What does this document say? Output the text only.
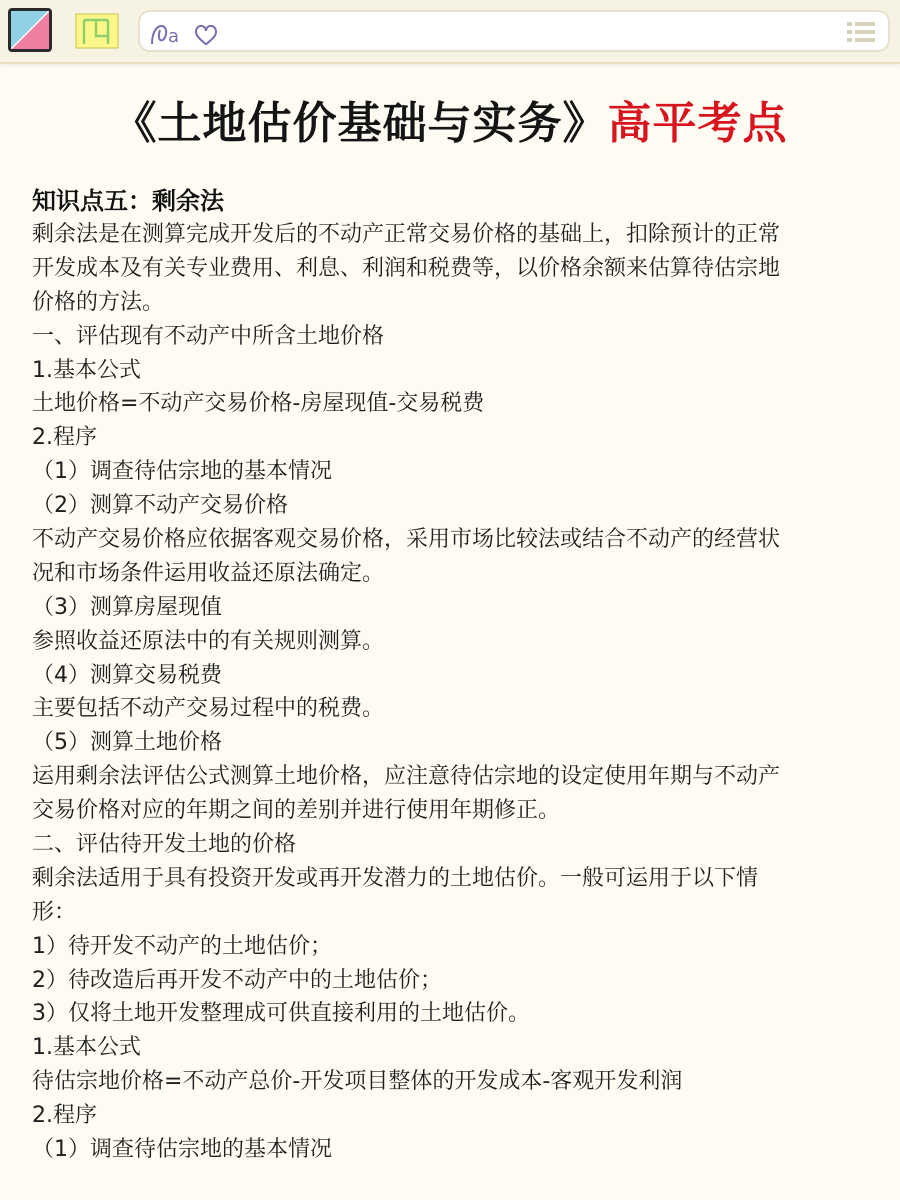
a
《土地估价基础与实务》高平考点
知识点五：剩余法
剩余法是在测算完成开发后的不动产正常交易价格的基础上，扣除预计的正常
开发成本及有关专业费用、利息、利润和税费等，以价格余额来估算待估宗地
价格的方法。
一、评估现有不动产中所含土地价格
1.基本公式
土地价格=不动产交易价格-房屋现值-交易税费
2.程序
（1）调查待估宗地的基本情况
（2）测算不动产交易价格
不动产交易价格应依据客观交易价格，采用市场比较法或结合不动产的经营状
况和市场条件运用收益还原法确定。
（3）测算房屋现值
参照收益还原法中的有关规则测算。
（4）测算交易税费
主要包括不动产交易过程中的税费。
（5）测算土地价格
运用剩余法评估公式测算土地价格，应注意待估宗地的设定使用年期与不动产
交易价格对应的年期之间的差别并进行使用年期修正。
二、评估待开发土地的价格
剩余法适用于具有投资开发或再开发潜力的土地估价。一般可运用于以下情
形：
1）待开发不动产的土地估价；
2）待改造后再开发不动产中的土地估价；
3）仅将土地开发整理成可供直接利用的土地估价。
1.基本公式
待估宗地价格=不动产总价-开发项目整体的开发成本-客观开发利润
2.程序
（1）调查待估宗地的基本情况
